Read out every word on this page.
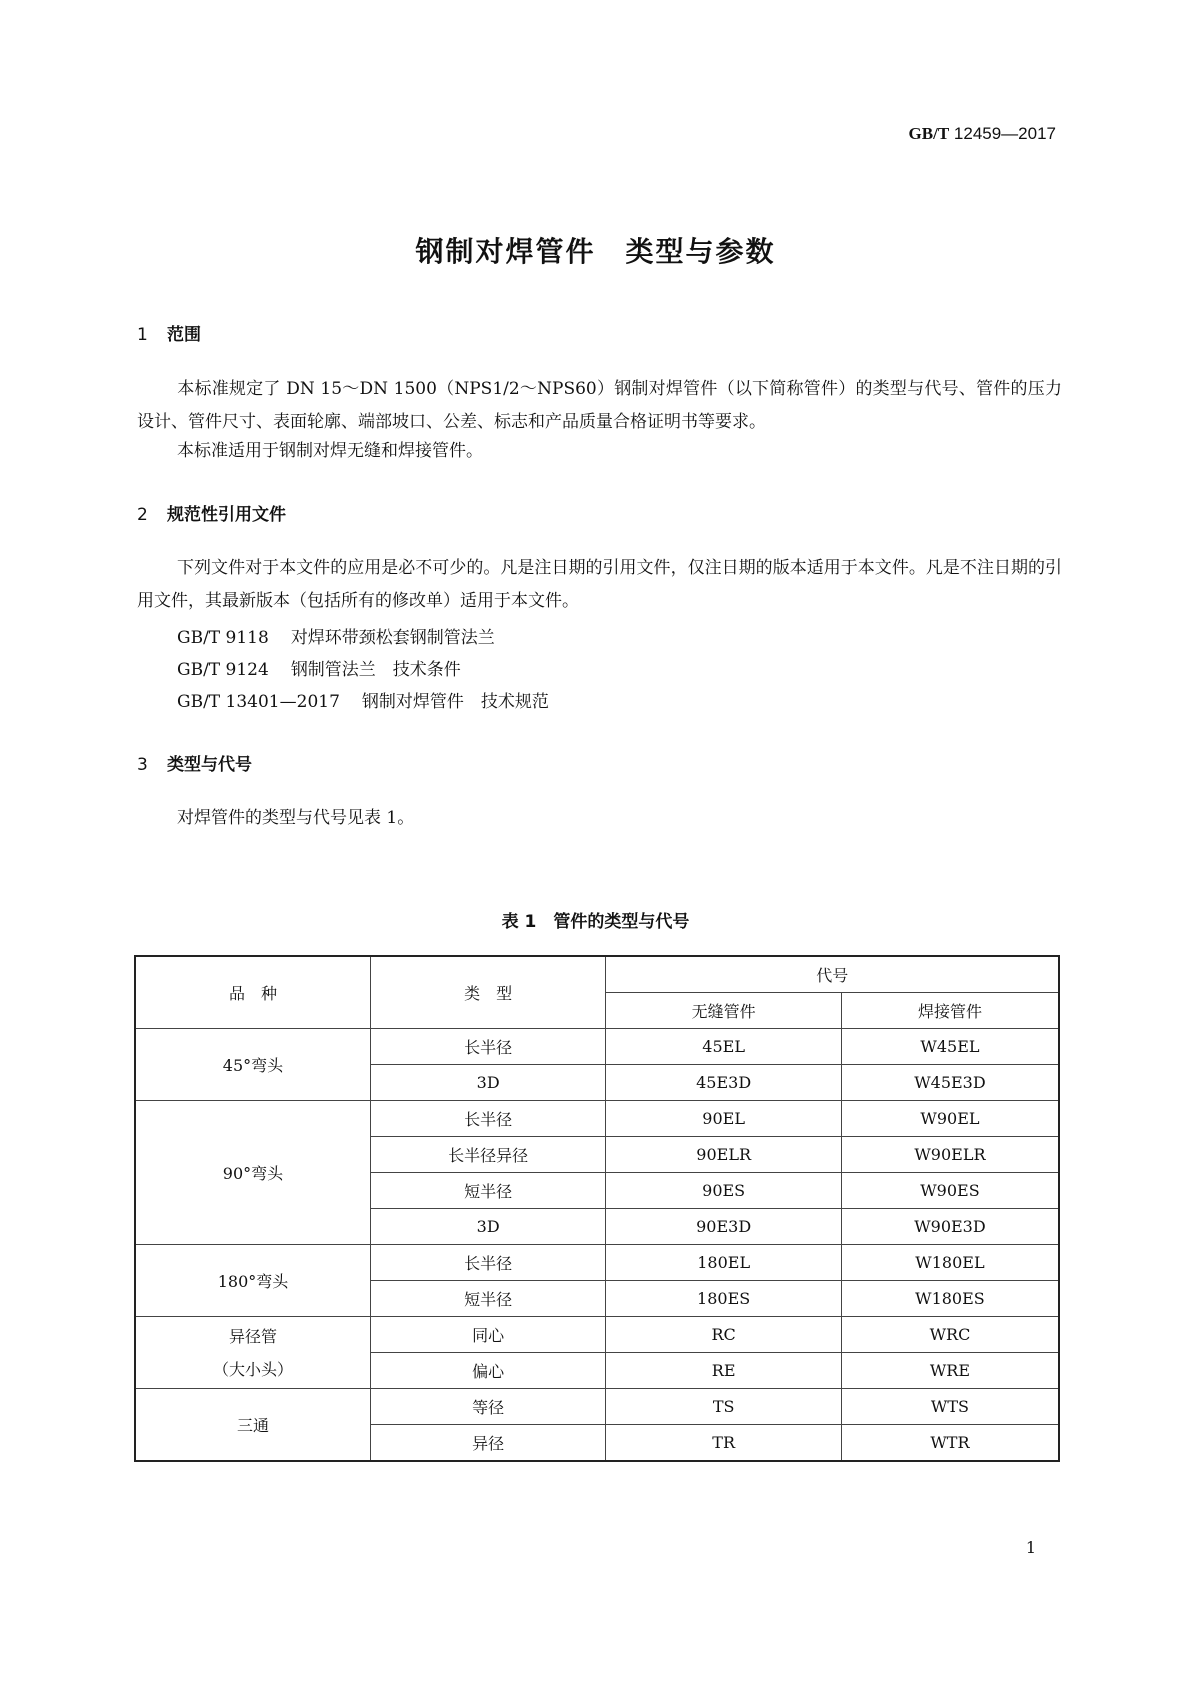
GB/T 12459—2017
钢制对焊管件　类型与参数
1 范围
本标准规定了 DN 15～DN 1500（NPS1/2～NPS60）钢制对焊管件（以下简称管件）的类型与代号、管件的压力设计、管件尺寸、表面轮廓、端部坡口、公差、标志和产品质量合格证明书等要求。
本标准适用于钢制对焊无缝和焊接管件。
2 规范性引用文件
下列文件对于本文件的应用是必不可少的。凡是注日期的引用文件，仅注日期的版本适用于本文件。凡是不注日期的引用文件，其最新版本（包括所有的修改单）适用于本文件。
GB/T 9118 对焊环带颈松套钢制管法兰
GB/T 9124 钢制管法兰　技术条件
GB/T 13401—2017 钢制对焊管件　技术规范
3 类型与代号
对焊管件的类型与代号见表 1。
表 1　管件的类型与代号
品　种	类　型	代号	
		无缝管件	焊接管件
45°弯头	长半径	45EL	W45EL
	3D	45E3D	W45E3D
90°弯头	长半径	90EL	W90EL
	长半径异径	90ELR	W90ELR
	短半径	90ES	W90ES
	3D	90E3D	W90E3D
180°弯头	长半径	180EL	W180EL
	短半径	180ES	W180ES

异径管
（大小头）	同心	RC	WRC
	偏心	RE	WRE
三通	等径	TS	WTS
	异径	TR	WTR
1
